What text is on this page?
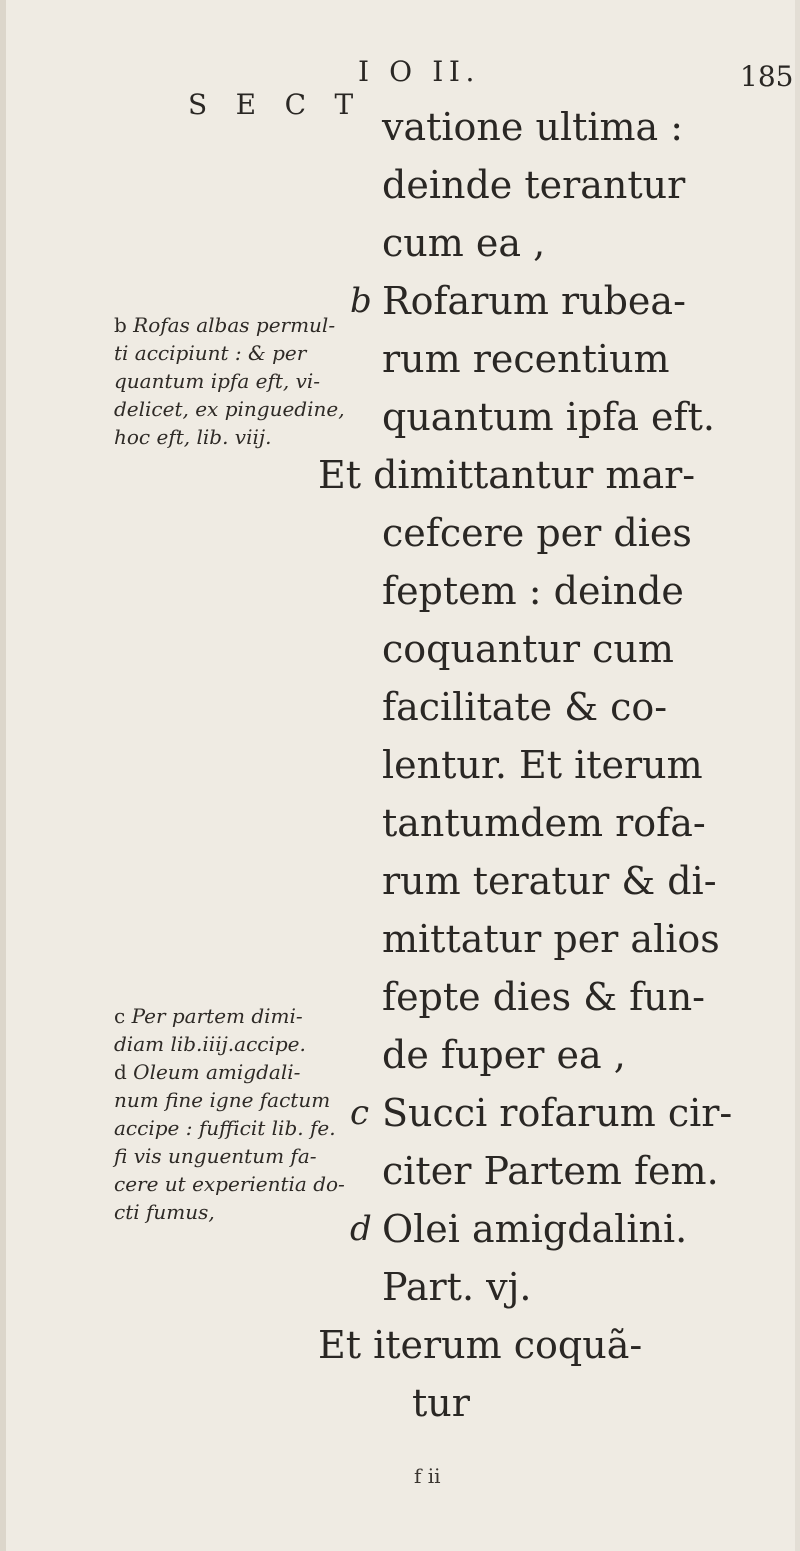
S E C T
I O II.	185
vatione ultima :
deinde terantur
cum ea ,
b Rofarum rubea-
rum recentium
quantum ipfa eft.
Et dimittantur mar-
cefcere per dies
feptem : deinde
coquantur cum
facilitate & co-
lentur. Et iterum
tantumdem rofa-
rum teratur & di-
mittatur per alios
fepte dies & fun-
de fuper ea ,
c Succi rofarum cir-
citer Partem fem.
d Olei amigdalini.
Part. vj.
Et iterum coquã-
tur
b Rofas albas permul-
ti accipiunt : & per
quantum ipfa eft, vi-
delicet, ex pinguedine,
hoc eft, lib. viij.
c Per partem dimi-
diam lib.iiij.accipe.
d Oleum amigdali-
num fine igne factum
accipe : fufficit lib. fe.
fi vis unguentum fa-
cere ut experientia do-
cti fumus,
f ii
